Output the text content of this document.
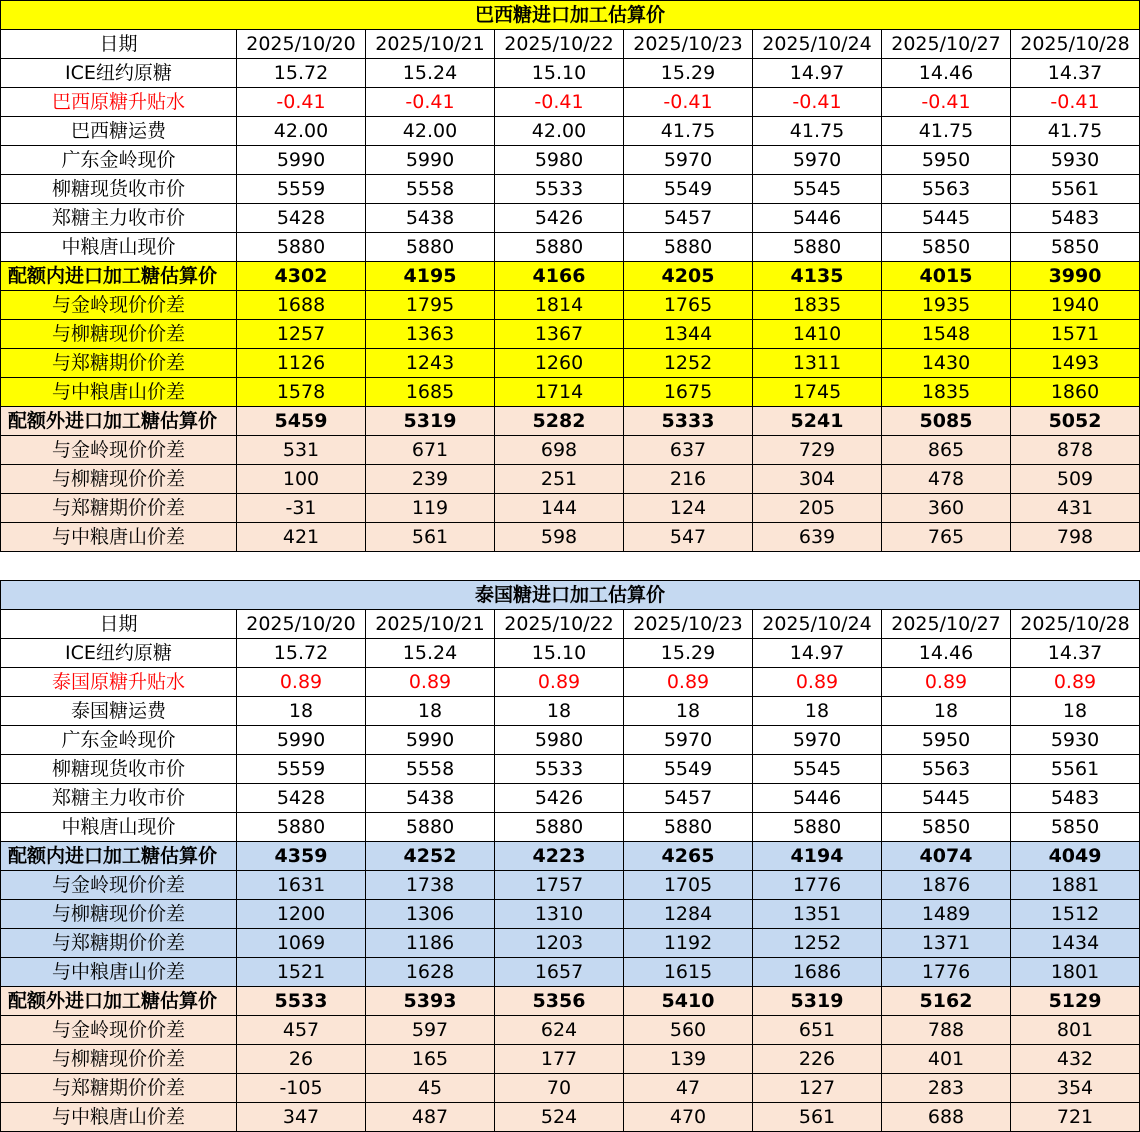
巴西糖进口加工估算价							
日期	2025/10/20	2025/10/21	2025/10/22	2025/10/23	2025/10/24	2025/10/27	2025/10/28
ICE纽约原糖	15.72	15.24	15.10	15.29	14.97	14.46	14.37
巴西原糖升贴水	-0.41	-0.41	-0.41	-0.41	-0.41	-0.41	-0.41
巴西糖运费	42.00	42.00	42.00	41.75	41.75	41.75	41.75
广东金岭现价	5990	5990	5980	5970	5970	5950	5930
柳糖现货收市价	5559	5558	5533	5549	5545	5563	5561
郑糖主力收市价	5428	5438	5426	5457	5446	5445	5483
中粮唐山现价	5880	5880	5880	5880	5880	5850	5850
配额内进口加工糖估算价	4302	4195	4166	4205	4135	4015	3990
与金岭现价价差	1688	1795	1814	1765	1835	1935	1940
与柳糖现价价差	1257	1363	1367	1344	1410	1548	1571
与郑糖期价价差	1126	1243	1260	1252	1311	1430	1493
与中粮唐山价差	1578	1685	1714	1675	1745	1835	1860
配额外进口加工糖估算价	5459	5319	5282	5333	5241	5085	5052
与金岭现价价差	531	671	698	637	729	865	878
与柳糖现价价差	100	239	251	216	304	478	509
与郑糖期价价差	-31	119	144	124	205	360	431
与中粮唐山价差	421	561	598	547	639	765	798
泰国糖进口加工估算价							
日期	2025/10/20	2025/10/21	2025/10/22	2025/10/23	2025/10/24	2025/10/27	2025/10/28
ICE纽约原糖	15.72	15.24	15.10	15.29	14.97	14.46	14.37
泰国原糖升贴水	0.89	0.89	0.89	0.89	0.89	0.89	0.89
泰国糖运费	18	18	18	18	18	18	18
广东金岭现价	5990	5990	5980	5970	5970	5950	5930
柳糖现货收市价	5559	5558	5533	5549	5545	5563	5561
郑糖主力收市价	5428	5438	5426	5457	5446	5445	5483
中粮唐山现价	5880	5880	5880	5880	5880	5850	5850
配额内进口加工糖估算价	4359	4252	4223	4265	4194	4074	4049
与金岭现价价差	1631	1738	1757	1705	1776	1876	1881
与柳糖现价价差	1200	1306	1310	1284	1351	1489	1512
与郑糖期价价差	1069	1186	1203	1192	1252	1371	1434
与中粮唐山价差	1521	1628	1657	1615	1686	1776	1801
配额外进口加工糖估算价	5533	5393	5356	5410	5319	5162	5129
与金岭现价价差	457	597	624	560	651	788	801
与柳糖现价价差	26	165	177	139	226	401	432
与郑糖期价价差	-105	45	70	47	127	283	354
与中粮唐山价差	347	487	524	470	561	688	721
